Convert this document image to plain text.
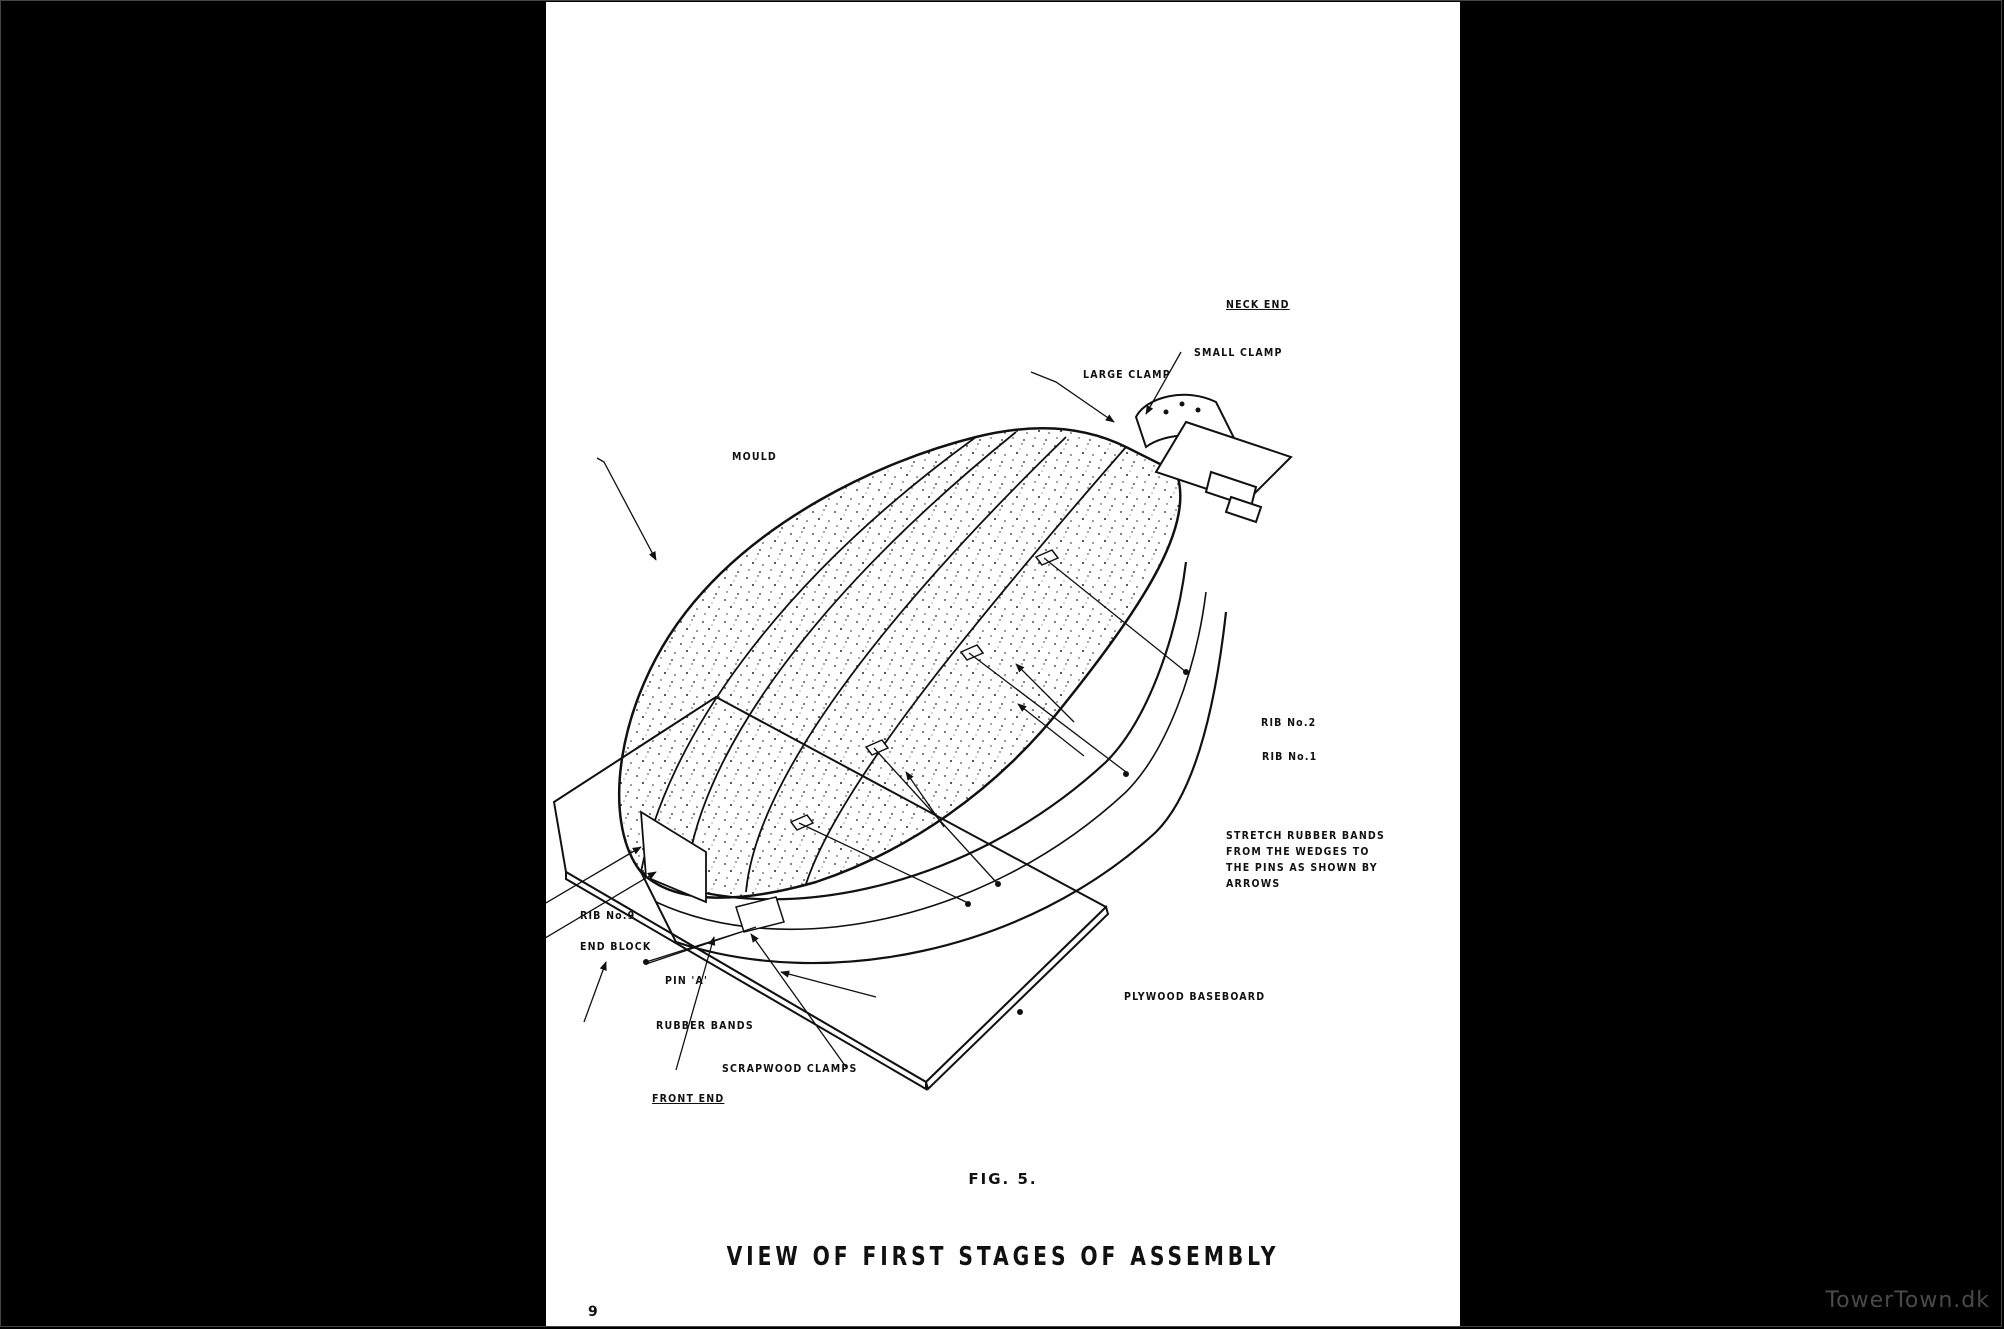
NECK END
SMALL CLAMP
LARGE CLAMP
MOULD
RIB No.2
RIB No.1
STRETCH RUBBER BANDS
FROM THE WEDGES TO
THE PINS AS SHOWN BY
ARROWS
RIB No.9
END BLOCK
PIN 'A'
RUBBER BANDS
PLYWOOD BASEBOARD
SCRAPWOOD CLAMPS
FRONT END
FIG. 5.
VIEW OF FIRST STAGES OF ASSEMBLY
9	TowerTown.dk
